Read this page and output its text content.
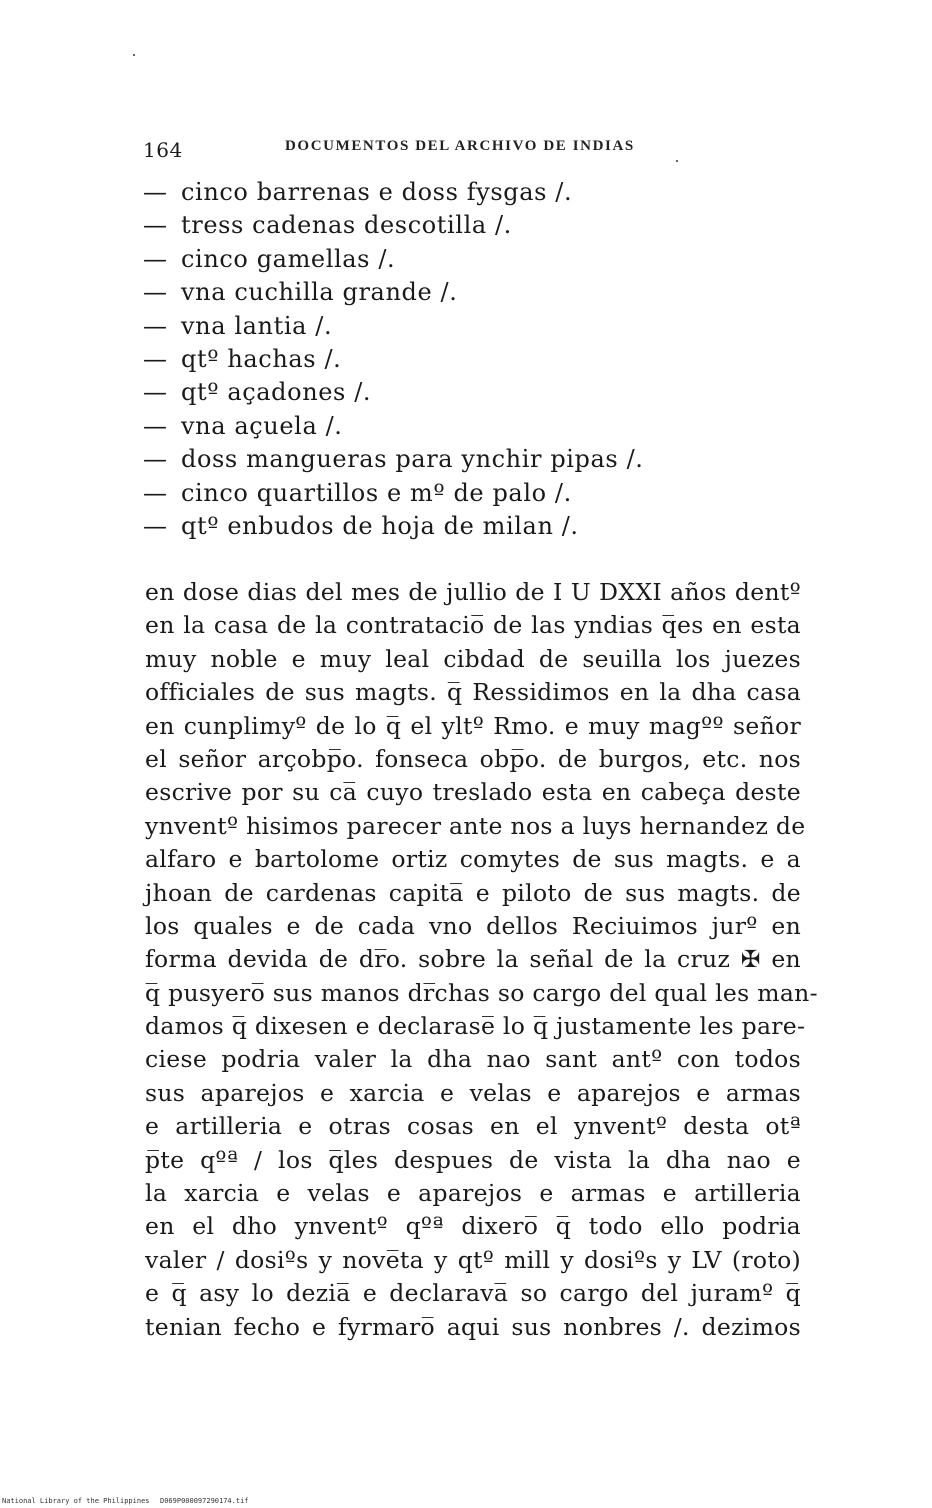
164	DOCUMENTOS DEL ARCHIVO DE INDIAS
— cinco barrenas e doss fysgas /.
— tress cadenas descotilla /.
— cinco gamellas /.
— vna cuchilla grande /.
— vna lantia /.
— qtº hachas /.
— qtº açadones /.
— vna açuela /.
— doss mangueras para ynchir pipas /.
— cinco quartillos e mº de palo /.
— qtº enbudos de hoja de milan /.
en dose dias del mes de jullio de I U DXXI años dentº
en la casa de la contratacio̅ de las yndias q̅es en esta
muy noble e muy leal cibdad de seuilla los juezes
officiales de sus magts. q̅ Ressidimos en la dha casa
en cunplimyº de lo q̅ el yltº Rmo. e muy magºº señor
el señor arçobp̅o. fonseca obp̅o. de burgos, etc. nos
escrive por su ca̅ cuyo treslado esta en cabeça deste
ynventº hisimos parecer ante nos a luys hernandez de
alfaro e bartolome ortiz comytes de sus magts. e a
jhoan de cardenas capita̅ e piloto de sus magts. de
los quales e de cada vno dellos Reciuimos jurº en
forma devida de dr̅o. sobre la señal de la cruz ✠ en
q̅ pusyero̅ sus manos dr̅chas so cargo del qual les man-
damos q̅ dixesen e declarase̅ lo q̅ justamente les pare-
ciese podria valer la dha nao sant antº con todos
sus aparejos e xarcia e velas e aparejos e armas
e artilleria e otras cosas en el ynventº desta otª
p̅te qºª / los q̅les despues de vista la dha nao e
la xarcia e velas e aparejos e armas e artilleria
en el dho ynventº qºª dixero̅ q̅ todo ello podria
valer / dosiºs y nove̅ta y qtº mill y dosiºs y LV (roto)
e q̅ asy lo dezia̅ e declarava̅ so cargo del juramº q̅
tenian fecho e fyrmaro̅ aqui sus nonbres /. dezimos
National Library of the Philippines D069P000097290174.tif
